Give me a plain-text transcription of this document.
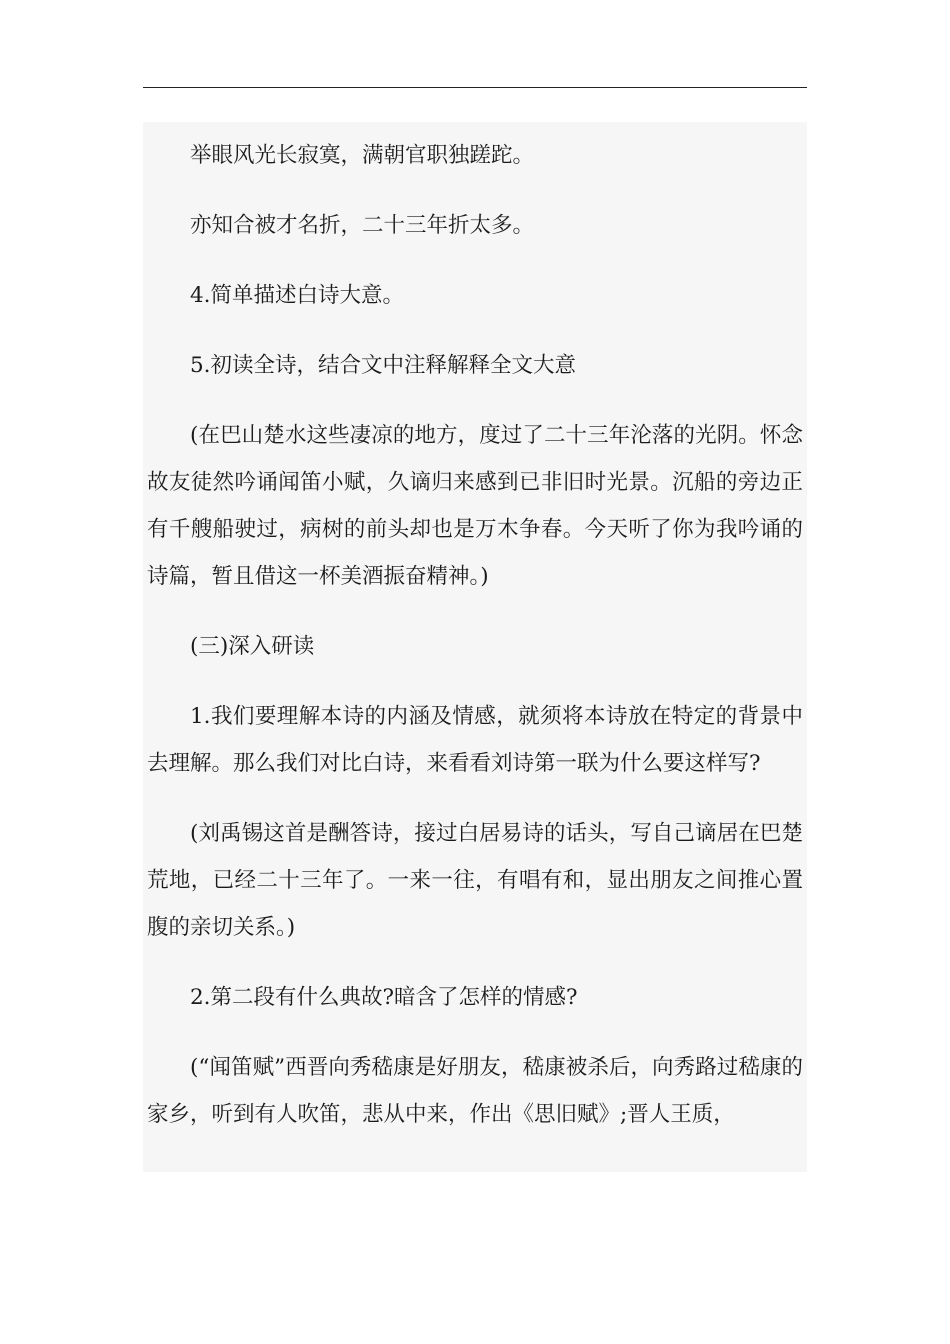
举眼风光长寂寞，满朝官职独蹉跎。

亦知合被才名折，二十三年折太多。

4.简单描述白诗大意。

5.初读全诗，结合文中注释解释全文大意

(在巴山楚水这些凄凉的地方，度过了二十三年沦落的光阴。怀念故友徒然吟诵闻笛小赋，久谪归来感到已非旧时光景。沉船的旁边正有千艘船驶过，病树的前头却也是万木争春。今天听了你为我吟诵的诗篇，暂且借这一杯美酒振奋精神。)

(三)深入研读

1.我们要理解本诗的内涵及情感，就须将本诗放在特定的背景中去理解。那么我们对比白诗，来看看刘诗第一联为什么要这样写?

(刘禹锡这首是酬答诗，接过白居易诗的话头，写自己谪居在巴楚荒地，已经二十三年了。一来一往，有唱有和，显出朋友之间推心置腹的亲切关系。)

2.第二段有什么典故?暗含了怎样的情感?

(“闻笛赋”西晋向秀嵇康是好朋友，嵇康被杀后，向秀路过嵇康的家乡，听到有人吹笛，悲从中来，作出《思旧赋》;晋人王质，
